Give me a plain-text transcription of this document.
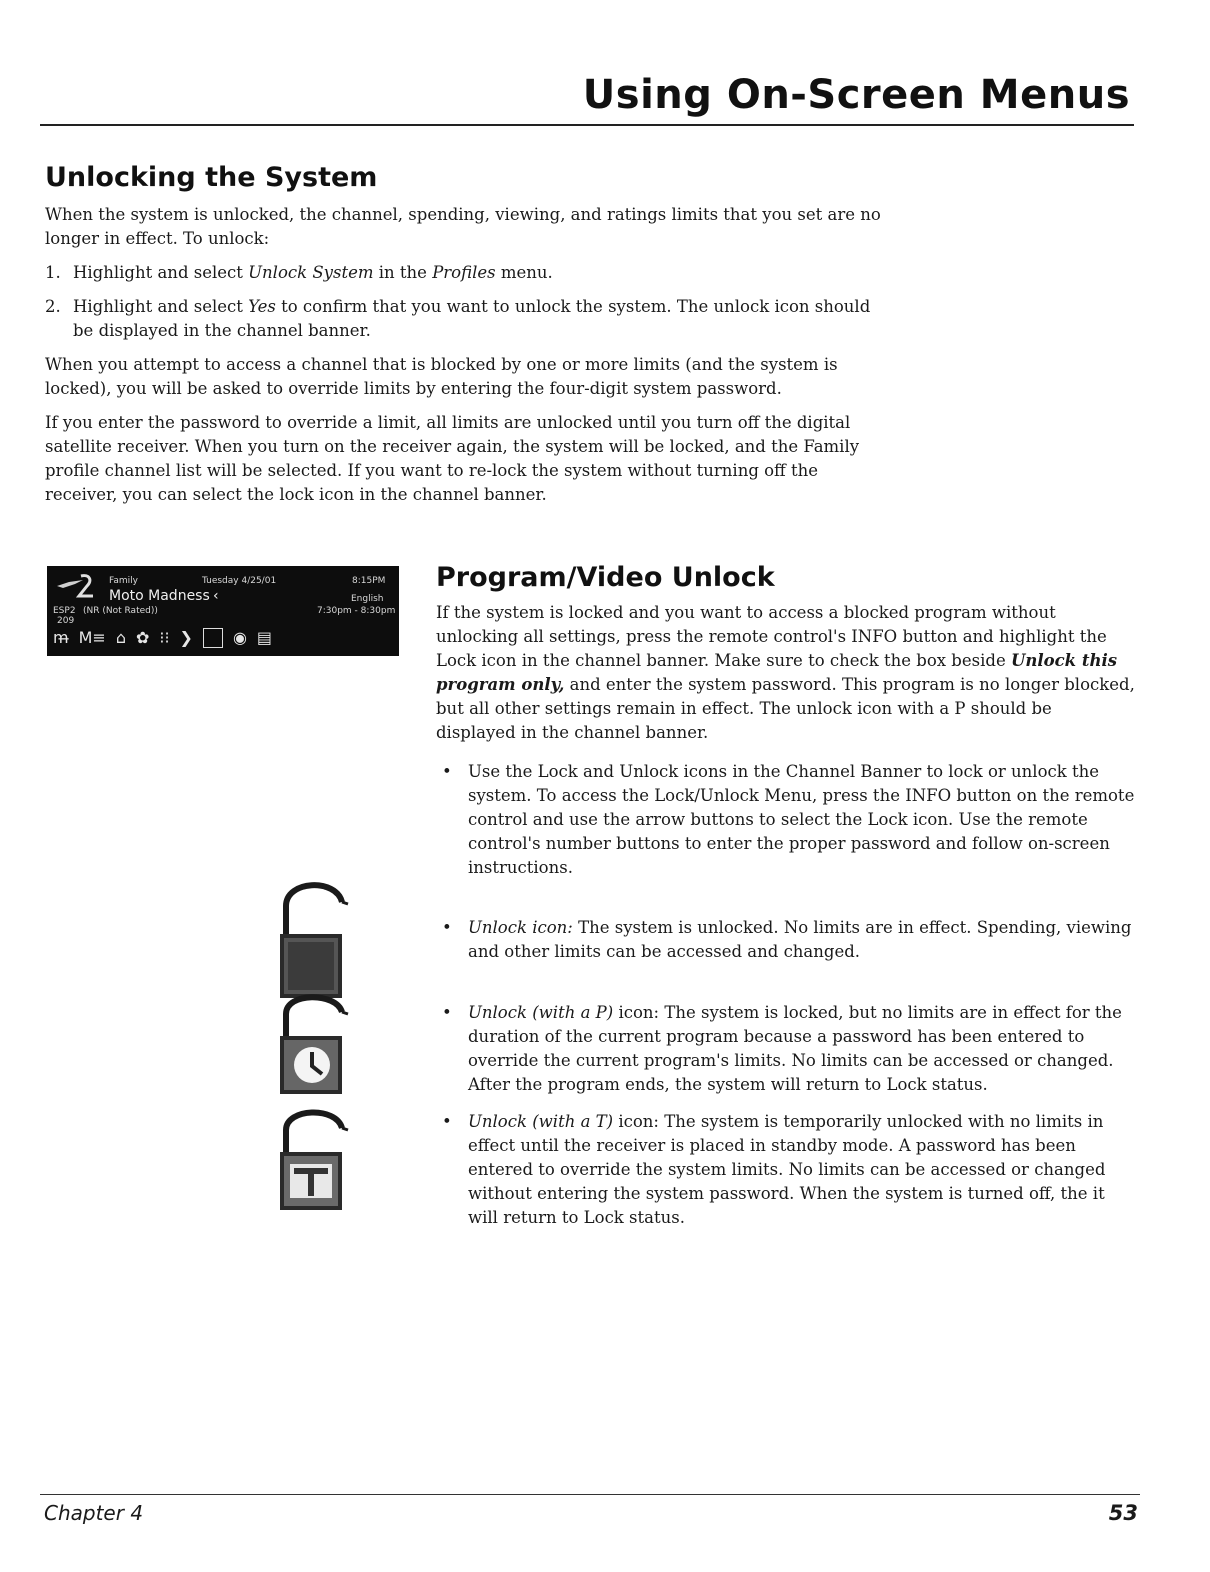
Using On-Screen Menus
Unlocking the System

When the system is unlocked, the channel, spending, viewing, and ratings limits that you set are no longer in effect. To unlock:

1. Highlight and select Unlock System in the Profiles menu.
2. Highlight and select Yes to confirm that you want to unlock the system. The unlock icon should be displayed in the channel banner.

When you attempt to access a channel that is blocked by one or more limits (and the system is locked), you will be asked to override limits by entering the four-digit system password.

If you enter the password to override a limit, all limits are unlocked until you turn off the digital satellite receiver. When you turn on the receiver again, the system will be locked, and the Family profile channel list will be selected. If you want to re-lock the system without turning off the receiver, you can select the lock icon in the channel banner.

Family	Tuesday 4/25/01	8:15PM
Moto Madness ‹	English
ESP2
209
(NR (Not Rated))	7:30pm - 8:30pm
m̶ M≡ ⌂ ✿ ⁝⁝ ❯	◉ ▤
Program/Video Unlock

If the system is locked and you want to access a blocked program without unlocking all settings, press the remote control's INFO button and highlight the Lock icon in the channel banner. Make sure to check the box beside Unlock this program only, and enter the system password. This program is no longer blocked, but all other settings remain in effect. The unlock icon with a P should be displayed in the channel banner.

• Use the Lock and Unlock icons in the Channel Banner to lock or unlock the system. To access the Lock/Unlock Menu, press the INFO button on the remote control and use the arrow buttons to select the Lock icon. Use the remote control's number buttons to enter the proper password and follow on-screen instructions.
• Unlock icon: The system is unlocked. No limits are in effect. Spending, viewing and other limits can be accessed and changed.
• Unlock (with a P) icon: The system is locked, but no limits are in effect for the duration of the current program because a password has been entered to override the current program's limits. No limits can be accessed or changed. After the program ends, the system will return to Lock status.
• Unlock (with a T) icon: The system is temporarily unlocked with no limits in effect until the receiver is placed in standby mode. A password has been entered to override the system limits. No limits can be accessed or changed without entering the system password. When the system is turned off, the it will return to Lock status.
Chapter 4	53
